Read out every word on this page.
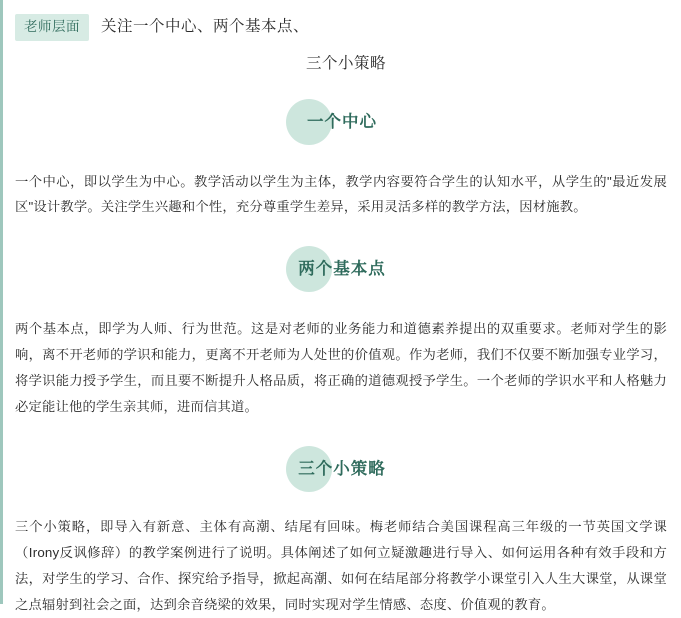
老师层面	关注一个中心、两个基本点、
三个小策略
一个中心

一个中心，即以学生为中心。教学活动以学生为主体，教学内容要符合学生的认知水平，从学生的"最近发展区"设计教学。关注学生兴趣和个性，充分尊重学生差异，采用灵活多样的教学方法，因材施教。

两个基本点

两个基本点，即学为人师、行为世范。这是对老师的业务能力和道德素养提出的双重要求。老师对学生的影响，离不开老师的学识和能力，更离不开老师为人处世的价值观。作为老师，我们不仅要不断加强专业学习，将学识能力授予学生，而且要不断提升人格品质，将正确的道德观授予学生。一个老师的学识水平和人格魅力必定能让他的学生亲其师，进而信其道。

三个小策略

三个小策略，即导入有新意、主体有高潮、结尾有回味。梅老师结合美国课程高三年级的一节英国文学课（Irony反讽修辞）的教学案例进行了说明。具体阐述了如何立疑激趣进行导入、如何运用各种有效手段和方法，对学生的学习、合作、探究给予指导，掀起高潮、如何在结尾部分将教学小课堂引入人生大课堂，从课堂之点辐射到社会之面，达到余音绕梁的效果，同时实现对学生情感、态度、价值观的教育。
